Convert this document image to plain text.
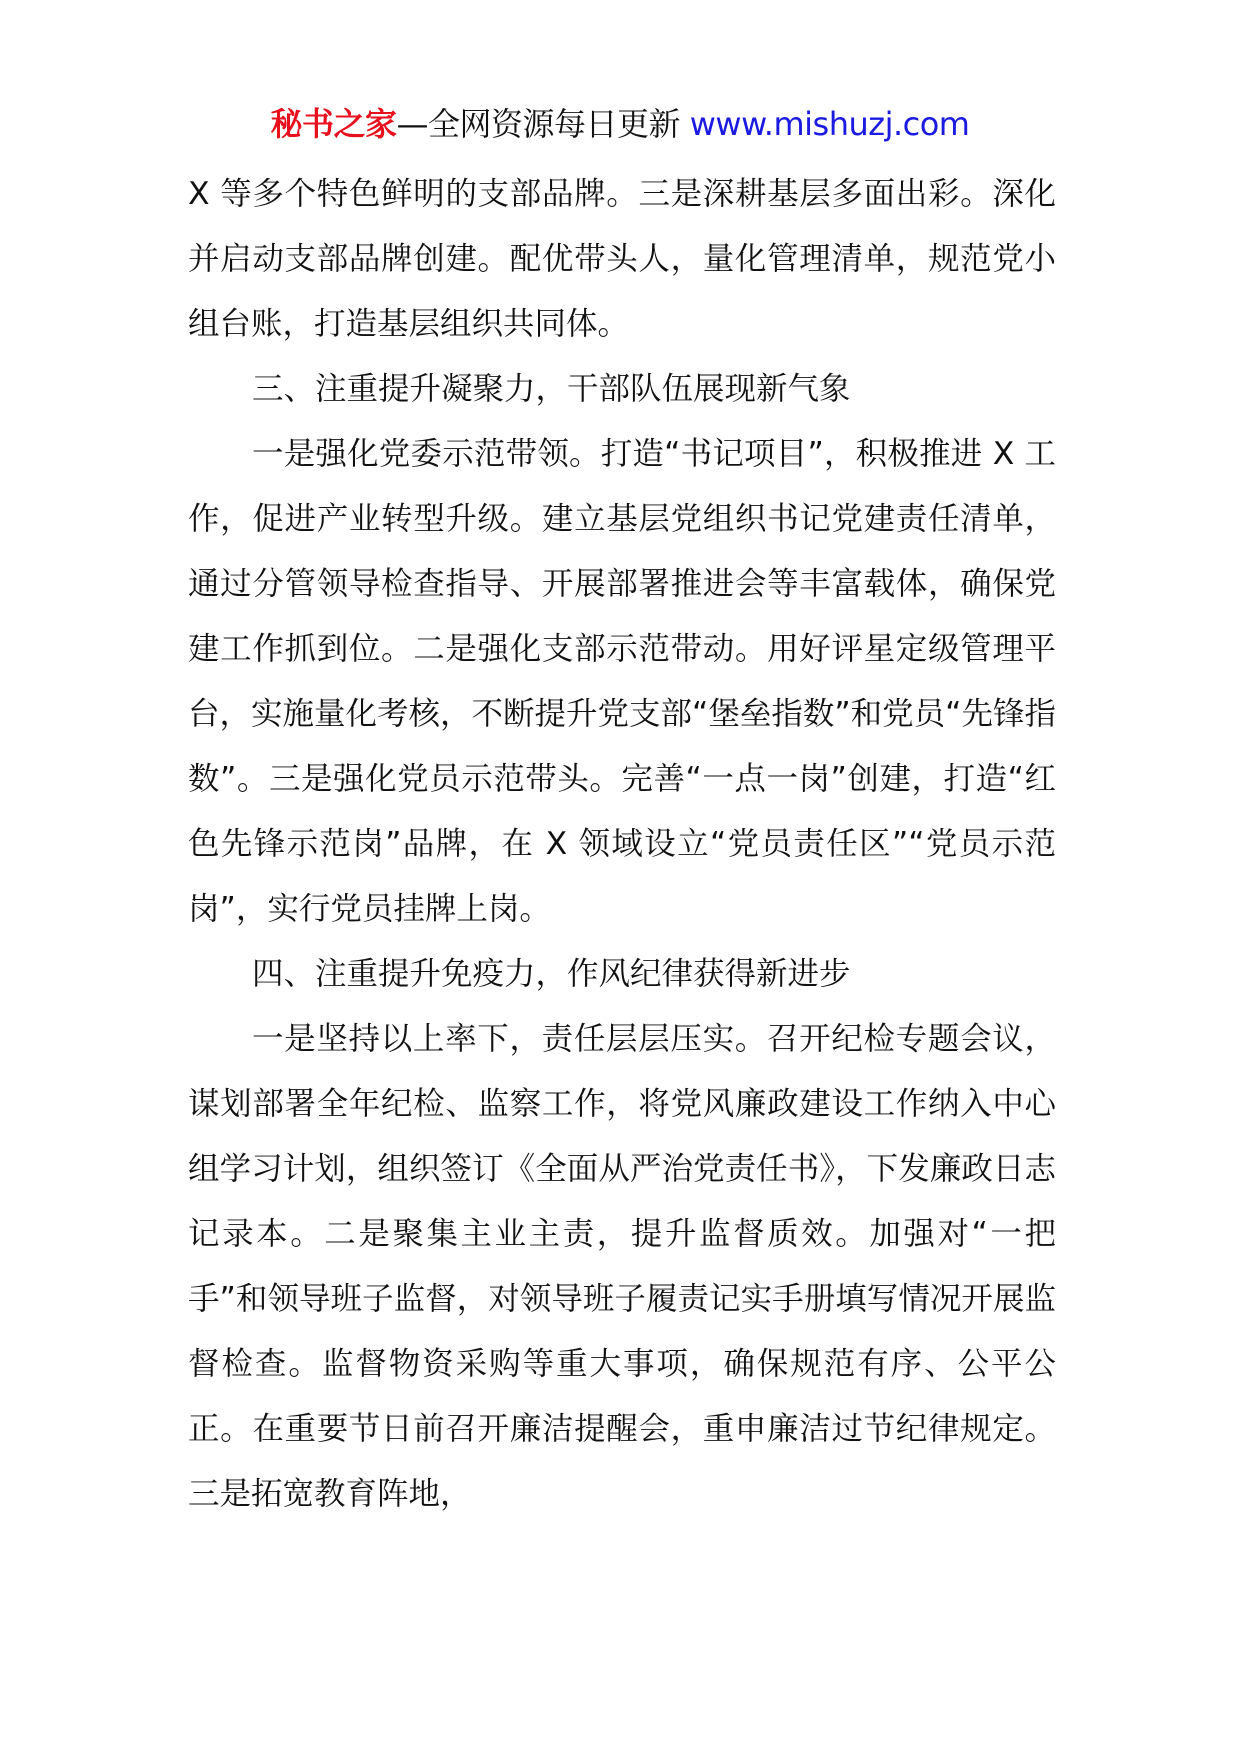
秘书之家—全网资源每日更新 www.mishuzj.com

X 等多个特色鲜明的支部品牌。三是深耕基层多面出彩。深化并启动支部品牌创建。配优带头人，量化管理清单，规范党小组台账，打造基层组织共同体。

三、注重提升凝聚力，干部队伍展现新气象

一是强化党委示范带领。打造“书记项目”，积极推进 X 工作，促进产业转型升级。建立基层党组织书记党建责任清单，通过分管领导检查指导、开展部署推进会等丰富载体，确保党建工作抓到位。二是强化支部示范带动。用好评星定级管理平台，实施量化考核，不断提升党支部“堡垒指数”和党员“先锋指数”。三是强化党员示范带头。完善“一点一岗”创建，打造“红色先锋示范岗”品牌，在 X 领域设立“党员责任区”“党员示范岗”，实行党员挂牌上岗。

四、注重提升免疫力，作风纪律获得新进步

一是坚持以上率下，责任层层压实。召开纪检专题会议，谋划部署全年纪检、监察工作，将党风廉政建设工作纳入中心组学习计划，组织签订《全面从严治党责任书》，下发廉政日志记录本。二是聚集主业主责，提升监督质效。加强对“一把手”和领导班子监督，对领导班子履责记实手册填写情况开展监督检查。监督物资采购等重大事项，确保规范有序、公平公正。在重要节日前召开廉洁提醒会，重申廉洁过节纪律规定。三是拓宽教育阵地，
